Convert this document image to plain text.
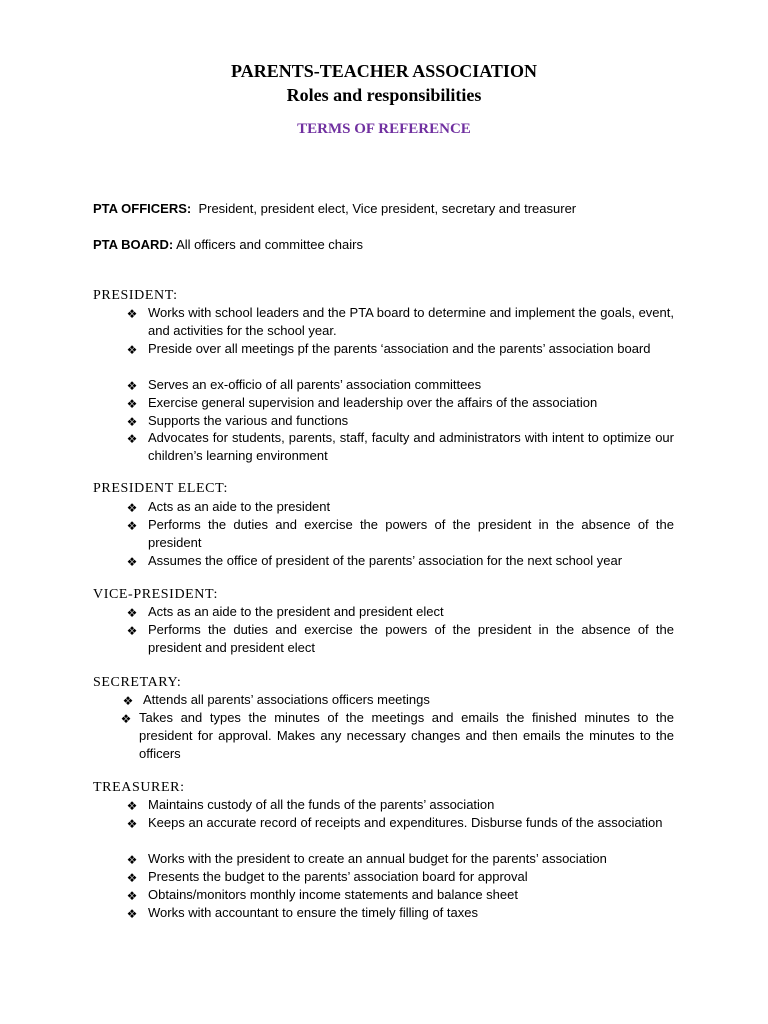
PARENTS-TEACHER ASSOCIATION
Roles and responsibilities
TERMS OF REFERENCE
PTA OFFICERS: President, president elect, Vice president, secretary and treasurer
PTA BOARD: All officers and committee chairs
PRESIDENT:
❖ Works with school leaders and the PTA board to determine and implement the goals, event, and activities for the school year.
❖ Preside over all meetings pf the parents ‘association and the parents’ association board
❖ Serves an ex-officio of all parents’ association committees
❖ Exercise general supervision and leadership over the affairs of the association
❖ Supports the various and functions
❖ Advocates for students, parents, staff, faculty and administrators with intent to optimize our children’s learning environment
PRESIDENT ELECT:
❖ Acts as an aide to the president
❖ Performs the duties and exercise the powers of the president in the absence of the president
❖ Assumes the office of president of the parents’ association for the next school year
VICE-PRESIDENT:
❖ Acts as an aide to the president and president elect
❖ Performs the duties and exercise the powers of the president in the absence of the president and president elect
SECRETARY:
❖ Attends all parents’ associations officers meetings
❖ Takes and types the minutes of the meetings and emails the finished minutes to the president for approval. Makes any necessary changes and then emails the minutes to the officers
TREASURER:
❖ Maintains custody of all the funds of the parents’ association
❖ Keeps an accurate record of receipts and expenditures. Disburse funds of the association
❖ Works with the president to create an annual budget for the parents’ association
❖ Presents the budget to the parents’ association board for approval
❖ Obtains/monitors monthly income statements and balance sheet
❖ Works with accountant to ensure the timely filling of taxes
